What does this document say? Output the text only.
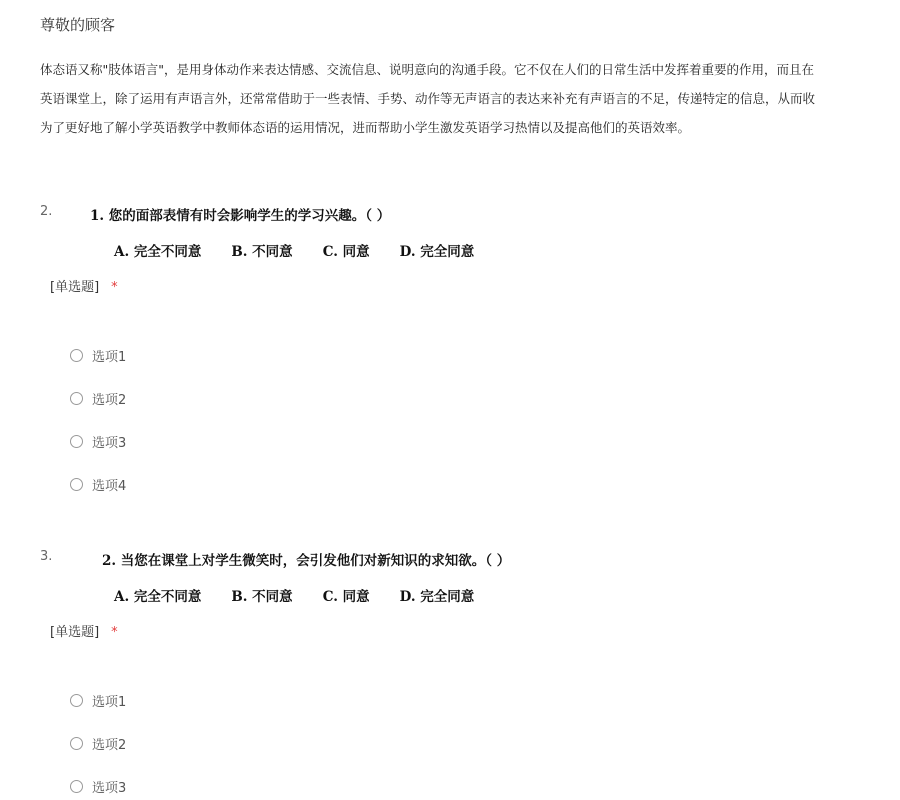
尊敬的顾客
体态语又称"肢体语言"，是用身体动作来表达情感、交流信息、说明意向的沟通手段。它不仅在人们的日常生活中发挥着重要的作用，而且在
英语课堂上，除了运用有声语言外，还常常借助于一些表情、手势、动作等无声语言的表达来补充有声语言的不足，传递特定的信息，从而收
为了更好地了解小学英语教学中教师体态语的运用情况，进而帮助小学生激发英语学习热情以及提高他们的英语效率。
2.	1. 您的面部表情有时会影响学生的学习兴趣。（ ）
A. 完全不同意 B. 不同意 C. 同意 D. 完全同意
[单选题] *
选项1
选项2
选项3
选项4
3.	2. 当您在课堂上对学生微笑时，会引发他们对新知识的求知欲。（ ）
A. 完全不同意 B. 不同意 C. 同意 D. 完全同意
[单选题] *
选项1
选项2
选项3
